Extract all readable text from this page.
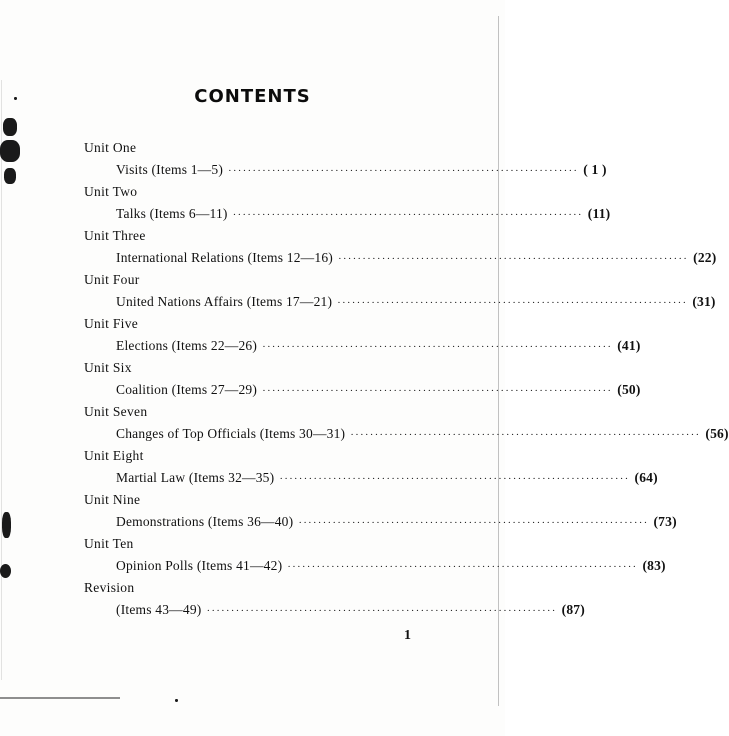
CONTENTS
Unit One
Visits (Items 1—5) ········································································ ( 1 )
Unit Two
Talks (Items 6—11) ········································································ (11)
Unit Three
International Relations (Items 12—16) ········································································ (22)
Unit Four
United Nations Affairs (Items 17—21) ········································································ (31)
Unit Five
Elections (Items 22—26) ········································································ (41)
Unit Six
Coalition (Items 27—29) ········································································ (50)
Unit Seven
Changes of Top Officials (Items 30—31) ········································································ (56)
Unit Eight
Martial Law (Items 32—35) ········································································ (64)
Unit Nine
Demonstrations (Items 36—40) ········································································ (73)
Unit Ten
Opinion Polls (Items 41—42) ········································································ (83)
Revision
(Items 43—49) ········································································ (87)
1
